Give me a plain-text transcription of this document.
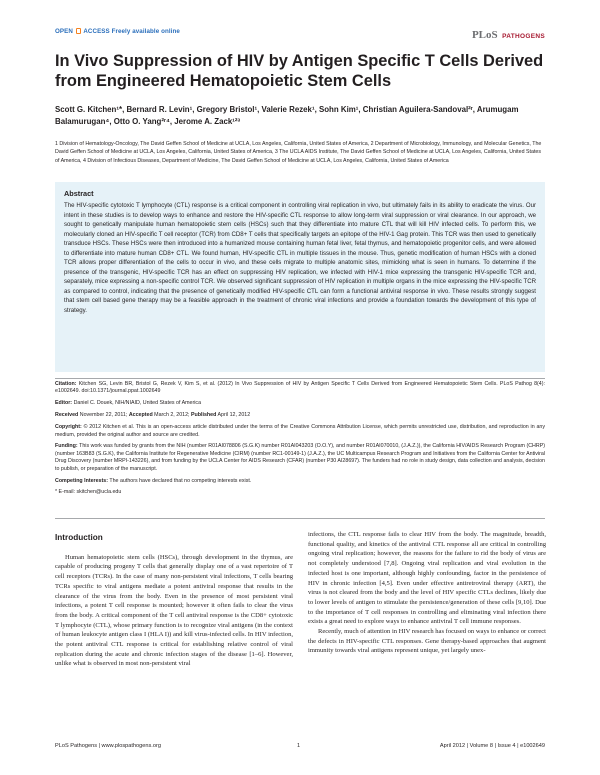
OPEN ACCESS Freely available online	PLoS PATHOGENS
In Vivo Suppression of HIV by Antigen Specific T Cells Derived from Engineered Hematopoietic Stem Cells
Scott G. Kitchen¹*, Bernard R. Levin¹, Gregory Bristol¹, Valerie Rezek¹, Sohn Kim¹, Christian Aguilera-Sandoval²ʳ, Arumugam Balamurugan⁴, Otto O. Yang²ʳ⁴, Jerome A. Zack¹²³
1 Division of Hematology-Oncology, The David Geffen School of Medicine at UCLA, Los Angeles, California, United States of America, 2 Department of Microbiology, Immunology, and Molecular Genetics, The David Geffen School of Medicine at UCLA, Los Angeles, California, United States of America, 3 The UCLA AIDS Institute, The David Geffen School of Medicine at UCLA, Los Angeles, California, United States of America, 4 Division of Infectious Diseases, Department of Medicine, The David Geffen School of Medicine at UCLA, Los Angeles, California, United States of America
Abstract
The HIV-specific cytotoxic T lymphocyte (CTL) response is a critical component in controlling viral replication in vivo, but ultimately fails in its ability to eradicate the virus. Our intent in these studies is to develop ways to enhance and restore the HIV-specific CTL response to allow long-term viral suppression or viral clearance. In our approach, we sought to genetically manipulate human hematopoietic stem cells (HSCs) such that they differentiate into mature CTL that will kill HIV infected cells. To perform this, we molecularly cloned an HIV-specific T cell receptor (TCR) from CD8+ T cells that specifically targets an epitope of the HIV-1 Gag protein. This TCR was then used to genetically transduce HSCs. These HSCs were then introduced into a humanized mouse containing human fetal liver, fetal thymus, and hematopoietic progenitor cells, and were allowed to differentiate into mature human CD8+ CTL. We found human, HIV-specific CTL in multiple tissues in the mouse. Thus, genetic modification of human HSCs with a cloned TCR allows proper differentiation of the cells to occur in vivo, and these cells migrate to multiple anatomic sites, mimicking what is seen in humans. To determine if the presence of the transgenic, HIV-specific TCR has an effect on suppressing HIV replication, we infected with HIV-1 mice expressing the transgenic HIV-specific TCR and, separately, mice expressing a non-specific control TCR. We observed significant suppression of HIV replication in multiple organs in the mice expressing the HIV-specific TCR as compared to control, indicating that the presence of genetically modified HIV-specific CTL can form a functional antiviral response in vivo. These results strongly suggest that stem cell based gene therapy may be a feasible approach in the treatment of chronic viral infections and provide a foundation towards the development of this type of strategy.
Citation: Kitchen SG, Levin BR, Bristol G, Rezek V, Kim S, et al. (2012) In Vivo Suppression of HIV by Antigen Specific T Cells Derived from Engineered Hematopoietic Stem Cells. PLoS Pathog 8(4): e1002649. doi:10.1371/journal.ppat.1002649
Editor: Daniel C. Douek, NIH/NIAID, United States of America
Received November 22, 2011; Accepted March 2, 2012; Published April 12, 2012
Copyright: © 2012 Kitchen et al. This is an open-access article distributed under the terms of the Creative Commons Attribution License, which permits unrestricted use, distribution, and reproduction in any medium, provided the original author and source are credited.
Funding: This work was funded by grants from the NIH (number R01AI078806 (S.G.K) number R01AI043203 (O.O.Y), and number R01AI070010, (J.A.Z.)), the California HIV/AIDS Research Program (CHRP) (number 163B83 (S.G.K), the California Institute for Regenerative Medicine (CIRM) (number RC1-00149-1) (J.A.Z.), the UC Multicampus Research Program and Initiatives from the California Center for Antiviral Drug Discovery (number MRPI-143226), and from funding by the UCLA Center for AIDS Research (CFAR) (number P30 AI28697). The funders had no role in study design, data collection and analysis, decision to publish, or preparation of the manuscript.
Competing Interests: The authors have declared that no competing interests exist.
* E-mail: skitchen@ucla.edu
Introduction

Human hematopoietic stem cells (HSCs), through development in the thymus, are capable of producing progeny T cells that generally display one of a vast repertoire of T cell receptors (TCRs). In the case of many non-persistent viral infections, T cells bearing TCRs specific to viral antigens mediate a potent antiviral response that results in the clearance of the virus from the body. Even in the presence of most persistent viral infections, a potent T cell response is mounted; however it often fails to clear the virus from the body. A critical component of the T cell antiviral response is the CD8+ cytotoxic T lymphocyte (CTL), whose primary function is to recognize viral antigens (in the context of human leukocyte antigen class I (HLA I)) and kill virus-infected cells. In HIV infection, the potent antiviral CTL response is critical for establishing relative control of viral replication during the acute and chronic infection stages of the disease [1–6]. However, unlike what is observed in most non-persistent viral

infections, the CTL response fails to clear HIV from the body. The magnitude, breadth, functional quality, and kinetics of the antiviral CTL response all are critical in controlling ongoing viral replication; however, the reasons for the failure to rid the body of virus are not completely understood [7,8]. Ongoing viral replication and viral evolution in the infected host is one important, although highly confounding, factor in the persistence of HIV in chronic infection [4,5]. Even under effective antiretroviral therapy (ART), the virus is not cleared from the body and the level of HIV specific CTLs declines, likely due to lower levels of antigen to stimulate the persistence/generation of these cells [9,10]. Due to the importance of T cell responses in controlling and eliminating viral infection there exists a great need to explore ways to enhance antiviral T cell immune responses.

Recently, much of attention in HIV research has focused on ways to enhance or correct the defects in HIV-specific CTL responses. Gene therapy-based approaches that augment immunity towards viral antigens represent unique, yet largely unex-

PLoS Pathogens | www.plospathogens.org	1	April 2012 | Volume 8 | Issue 4 | e1002649
